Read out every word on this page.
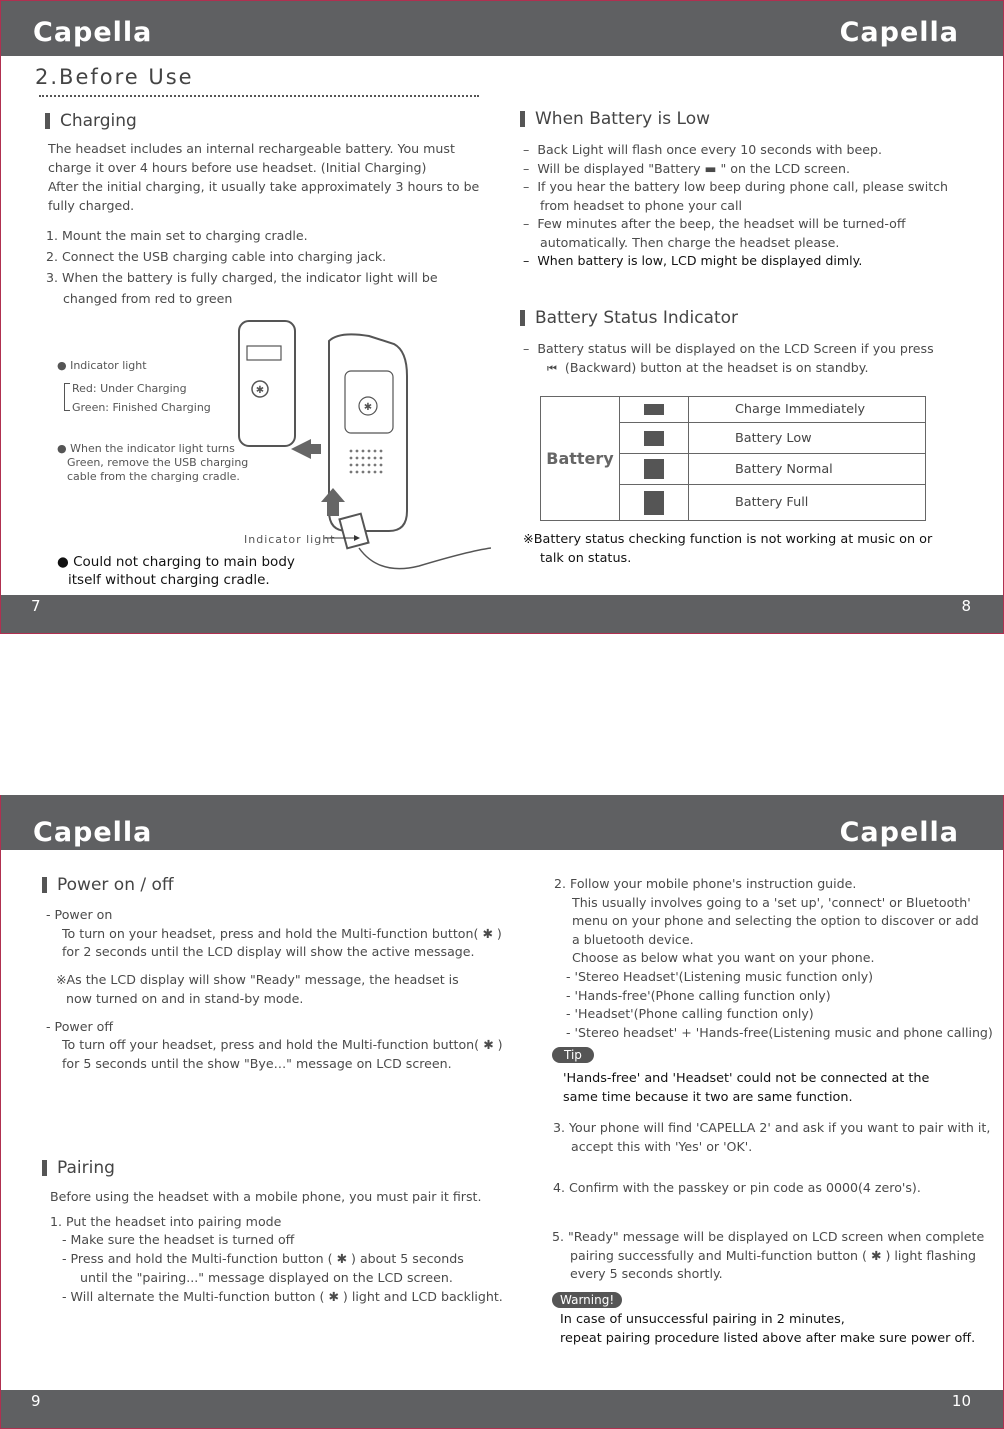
Capella	Capella
2.Before Use
Charging

The headset includes an internal rechargeable battery. You must

charge it over 4 hours before use headset. (Initial Charging)

After the initial charging, it usually take approximately 3 hours to be

fully charged.

1. Mount the main set to charging cradle.

2. Connect the USB charging cable into charging jack.

3. When the battery is fully charged, the indicator light will be

changed from red to green

● Indicator light
Red: Under Charging
Green: Finished Charging

● When the indicator light turns

Green, remove the USB charging

cable from the charging cradle.

● Could not charging to main body

itself without charging cradle.

✱
✱
Indicator light
When Battery is Low

–  Back Light will flash once every 10 seconds with beep.

–  Will be displayed "Battery ▬ " on the LCD screen.

–  If you hear the battery low beep during phone call, please switch

from headset to phone your call

–  Few minutes after the beep, the headset will be turned-off

automatically. Then charge the headset please.

–  When battery is low, LCD might be displayed dimly.

Battery Status Indicator

–  Battery status will be displayed on the LCD Screen if you press

⏮ (Backward) button at the headset is on standby.

Battery		Charge Immediately

		Battery Low

		Battery Normal

		Battery Full

※Battery status checking function is not working at music on or

talk on status.

7	8
Capella	Capella
Power on / off

- Power on

To turn on your headset, press and hold the Multi-function button( ✱ )

for 2 seconds until the LCD display will show the active message.

※As the LCD display will show "Ready" message, the headset is

now turned on and in stand-by mode.

- Power off

To turn off your headset, press and hold the Multi-function button( ✱ )

for 5 seconds until the show "Bye…" message on LCD screen.

Pairing

Before using the headset with a mobile phone, you must pair it first.

1. Put the headset into pairing mode

- Make sure the headset is turned off

- Press and hold the Multi-function button ( ✱ ) about 5 seconds

until the "pairing..." message displayed on the LCD screen.

- Will alternate the Multi-function button ( ✱ ) light and LCD backlight.

2. Follow your mobile phone's instruction guide.

This usually involves going to a 'set up', 'connect' or Bluetooth'

menu on your phone and selecting the option to discover or add

a bluetooth device.

Choose as below what you want on your phone.

- 'Stereo Headset'(Listening music function only)

- 'Hands-free'(Phone calling function only)

- 'Headset'(Phone calling function only)

- 'Stereo headset' + 'Hands-free(Listening music and phone calling)

Tip

'Hands-free' and 'Headset' could not be connected at the

same time because it two are same function.

3. Your phone will find 'CAPELLA 2' and ask if you want to pair with it,

accept this with 'Yes' or 'OK'.

4. Confirm with the passkey or pin code as 0000(4 zero's).

5. "Ready" message will be displayed on LCD screen when complete

pairing successfully and Multi-function button ( ✱ ) light flashing

every 5 seconds shortly.

Warning!

In case of unsuccessful pairing in 2 minutes,

repeat pairing procedure listed above after make sure power off.

9	10
